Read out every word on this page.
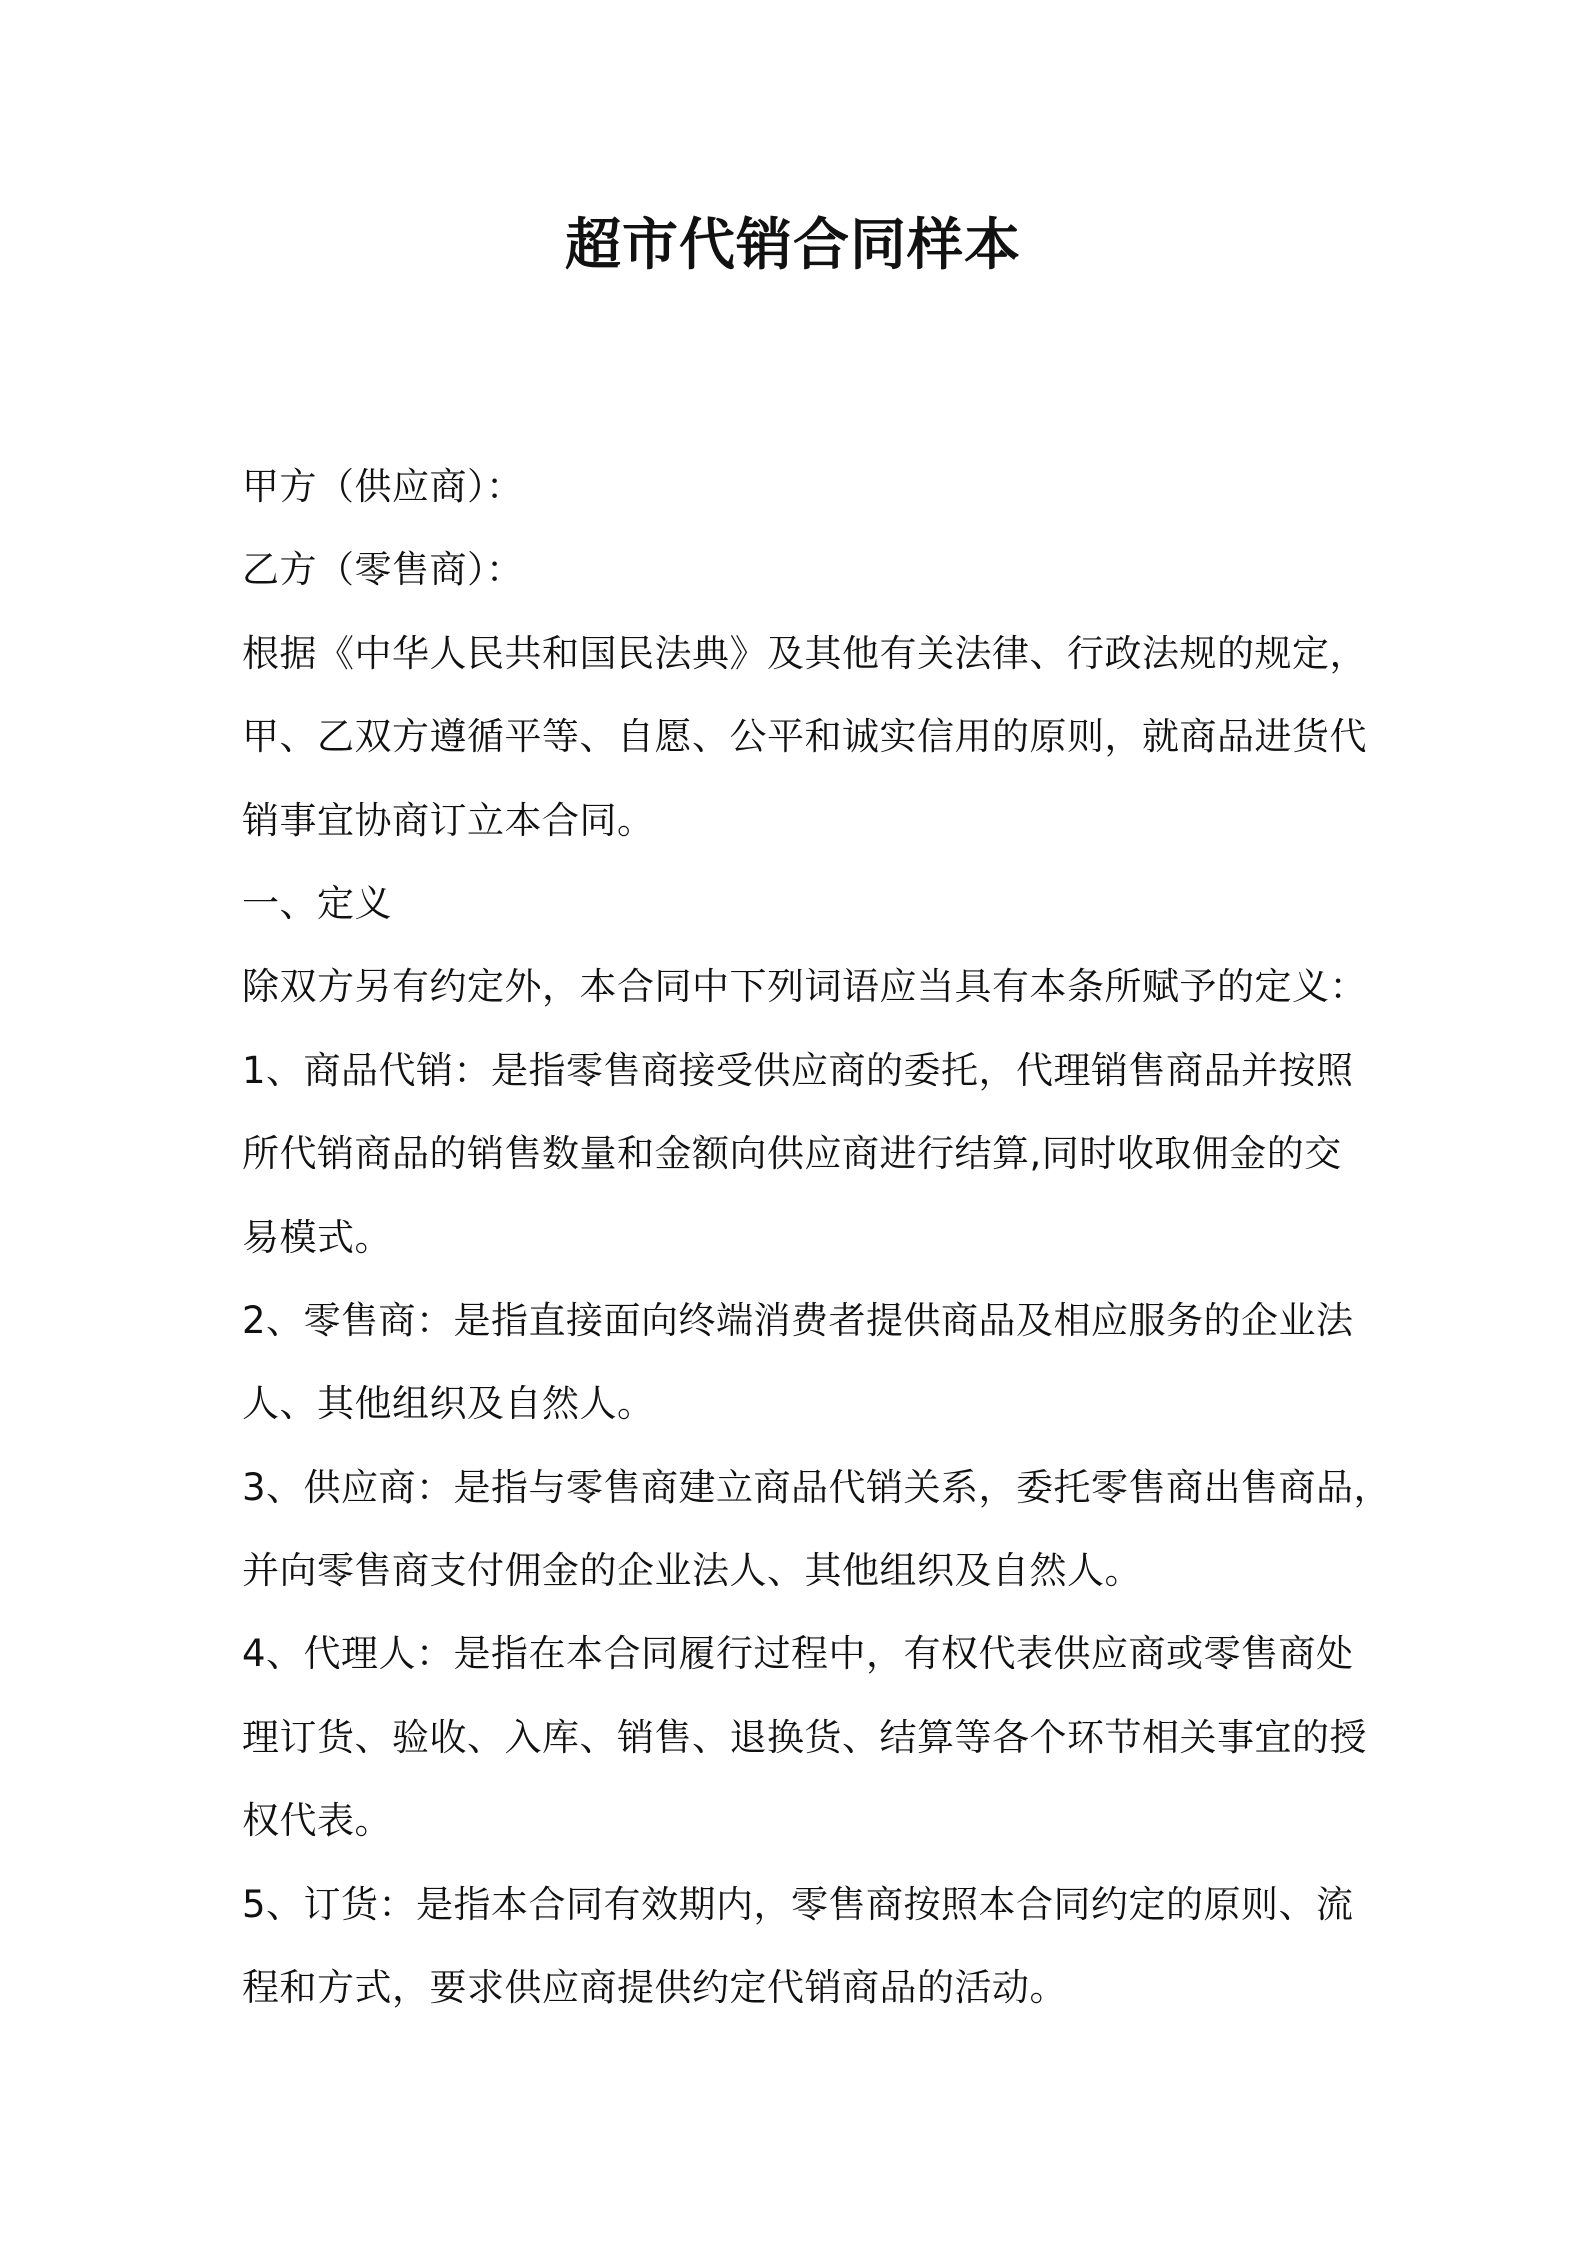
超市代销合同样本
甲方（供应商）：
乙方（零售商）：
根据《中华人民共和国民法典》及其他有关法律、行政法规的规定，
甲、乙双方遵循平等、自愿、公平和诚实信用的原则，就商品进货代
销事宜协商订立本合同。
一、定义
除双方另有约定外，本合同中下列词语应当具有本条所赋予的定义：
1、商品代销：是指零售商接受供应商的委托，代理销售商品并按照
所代销商品的销售数量和金额向供应商进行结算,同时收取佣金的交
易模式。
2、零售商：是指直接面向终端消费者提供商品及相应服务的企业法
人、其他组织及自然人。
3、供应商：是指与零售商建立商品代销关系，委托零售商出售商品，
并向零售商支付佣金的企业法人、其他组织及自然人。
4、代理人：是指在本合同履行过程中，有权代表供应商或零售商处
理订货、验收、入库、销售、退换货、结算等各个环节相关事宜的授
权代表。
5、订货：是指本合同有效期内，零售商按照本合同约定的原则、流
程和方式，要求供应商提供约定代销商品的活动。
